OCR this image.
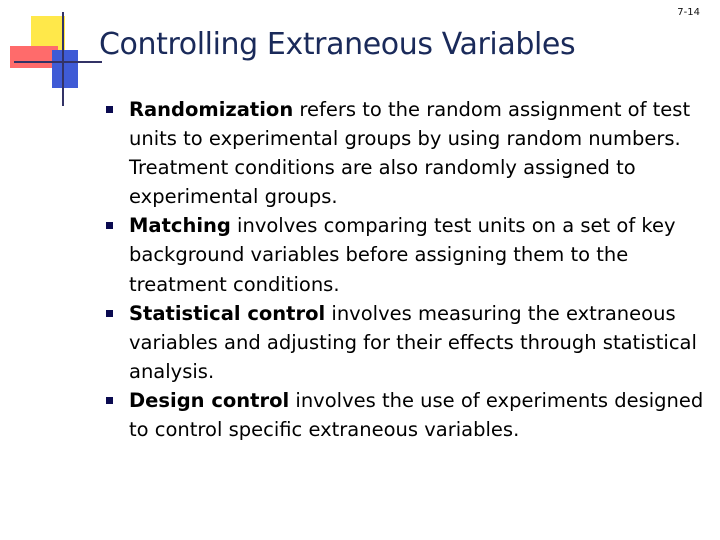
7-14
Controlling Extraneous Variables
Randomization refers to the random assignment of test units to experimental groups by using random numbers. Treatment conditions are also randomly assigned to experimental groups.
Matching involves comparing test units on a set of key background variables before assigning them to the treatment conditions.
Statistical control involves measuring the extraneous variables and adjusting for their effects through statistical analysis.
Design control involves the use of experiments designed to control specific extraneous variables.
